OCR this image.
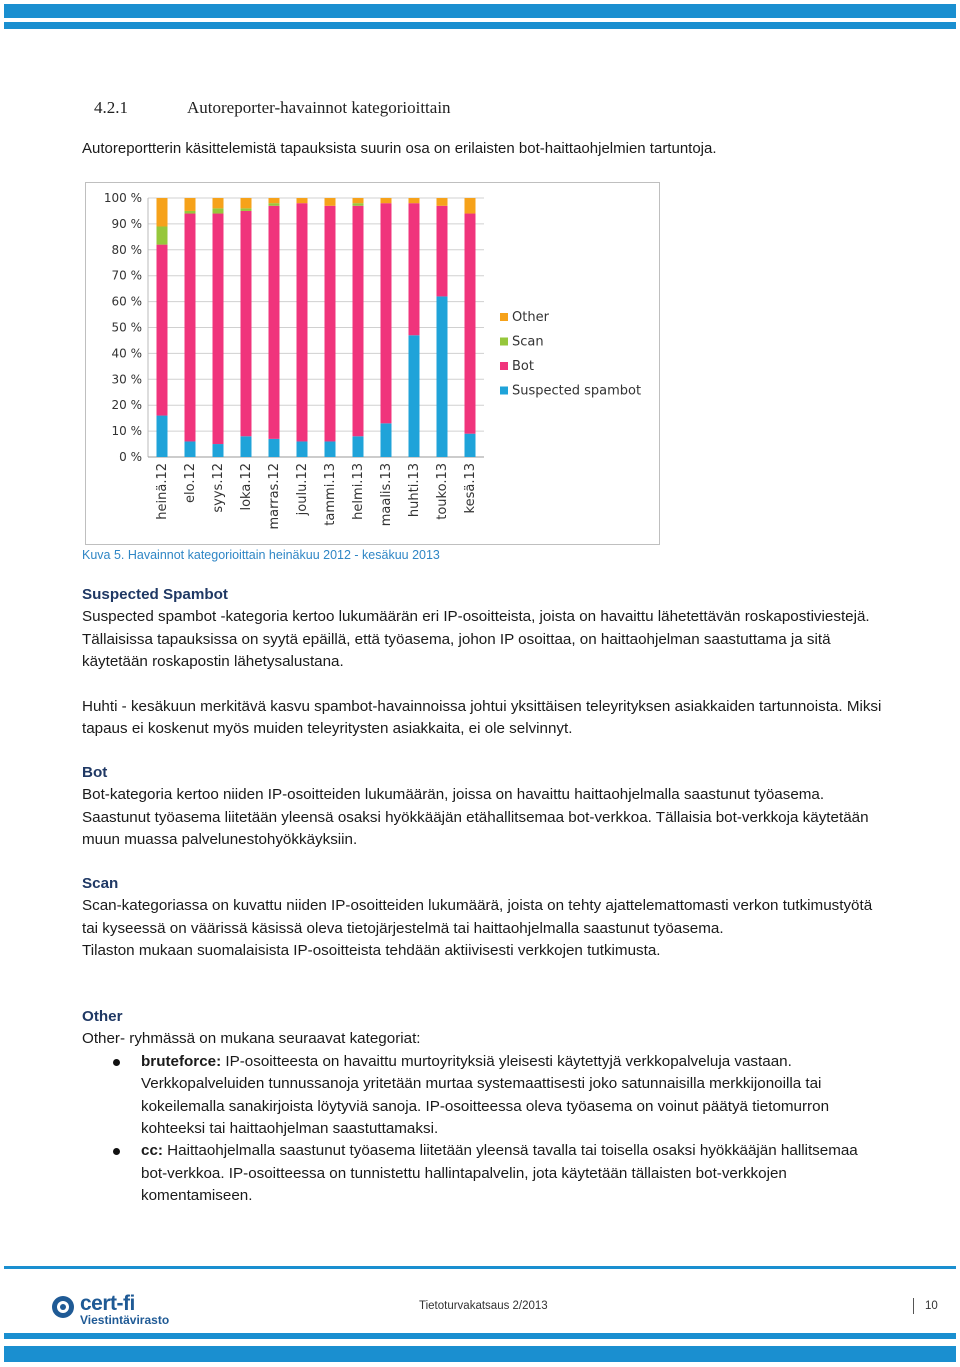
4.2.1	Autoreporter-havainnot kategorioittain
Autoreportterin käsittelemistä tapauksista suurin osa on erilaisten bot-haittaohjelmien tartuntoja.
0 %
10 %
20 %
30 %
40 %
50 %
60 %
70 %
80 %
90 %
100 %
heinä.12 elo.12 syys.12 loka.12 marras.12 joulu.12 tammi.13 helmi.13 maalis.13 huhti.13 touko.13 kesä.13
Other
Scan
Bot
Suspected spambot
Kuva 5. Havainnot kategorioittain heinäkuu 2012 - kesäkuu 2013

Suspected Spambot

Suspected spambot -kategoria kertoo lukumäärän eri IP-osoitteista, joista on havaittu lähetettävän roskapostiviestejä. Tällaisissa tapauksissa on syytä epäillä, että työasema, johon IP osoittaa, on haittaohjelman saastuttama ja sitä käytetään roskapostin lähetysalustana.

Huhti - kesäkuun merkitävä kasvu spambot-havainnoissa johtui yksittäisen teleyrityksen asiakkaiden tartunnoista. Miksi tapaus ei koskenut myös muiden teleyritysten asiakkaita, ei ole selvinnyt.

Bot

Bot-kategoria kertoo niiden IP-osoitteiden lukumäärän, joissa on havaittu haittaohjelmalla saastunut työasema. Saastunut työasema liitetään yleensä osaksi hyökkääjän etähallitsemaa bot-verkkoa. Tällaisia bot-verkkoja käytetään muun muassa palvelunestohyökkäyksiin.

Scan

Scan-kategoriassa on kuvattu niiden IP-osoitteiden lukumäärä, joista on tehty ajattelemattomasti verkon tutkimustyötä tai kyseessä on väärissä käsissä oleva tietojärjestelmä tai haittaohjelmalla saastunut työasema.

Tilaston mukaan suomalaisista IP-osoitteista tehdään aktiivisesti verkkojen tutkimusta.

Other

Other- ryhmässä on mukana seuraavat kategoriat:

bruteforce: IP-osoitteesta on havaittu murtoyrityksiä yleisesti käytettyjä verkkopalveluja vastaan. Verkkopalveluiden tunnussanoja yritetään murtaa systemaattisesti joko satunnaisilla merkkijonoilla tai kokeilemalla sanakirjoista löytyviä sanoja. IP-osoitteessa oleva työasema on voinut päätyä tietomurron kohteeksi tai haittaohjelman saastuttamaksi.
cc: Haittaohjelmalla saastunut työasema liitetään yleensä tavalla tai toisella osaksi hyökkääjän hallitsemaa bot-verkkoa. IP-osoitteessa on tunnistettu hallintapalvelin, jota käytetään tällaisten bot-verkkojen komentamiseen.
cert-fi
Viestintävirasto
Tietoturvakatsaus 2/2013	10
